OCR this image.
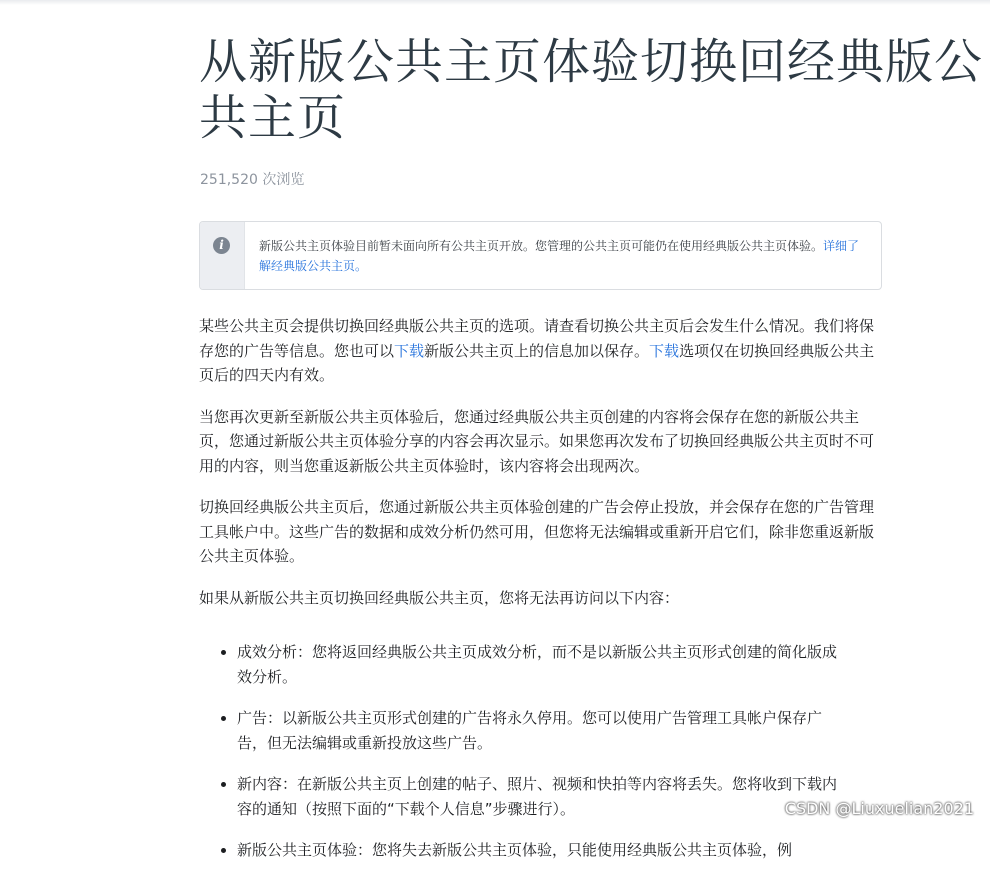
从新版公共主页体验切换回经典版公共主页
251,520 次浏览
i	新版公共主页体验目前暂未面向所有公共主页开放。您管理的公共主页可能仍在使用经典版公共主页体验。详细了解经典版公共主页。

某些公共主页会提供切换回经典版公共主页的选项。请查看切换公共主页后会发生什么情况。我们将保存您的广告等信息。您也可以下载新版公共主页上的信息加以保存。下载选项仅在切换回经典版公共主页后的四天内有效。

当您再次更新至新版公共主页体验后，您通过经典版公共主页创建的内容将会保存在您的新版公共主页，您通过新版公共主页体验分享的内容会再次显示。如果您再次发布了切换回经典版公共主页时不可用的内容，则当您重返新版公共主页体验时，该内容将会出现两次。

切换回经典版公共主页后，您通过新版公共主页体验创建的广告会停止投放，并会保存在您的广告管理工具帐户中。这些广告的数据和成效分析仍然可用，但您将无法编辑或重新开启它们，除非您重返新版公共主页体验。

如果从新版公共主页切换回经典版公共主页，您将无法再访问以下内容：

成效分析：您将返回经典版公共主页成效分析，而不是以新版公共主页形式创建的简化版成效分析。
广告：以新版公共主页形式创建的广告将永久停用。您可以使用广告管理工具帐户保存广告，但无法编辑或重新投放这些广告。
新内容：在新版公共主页上创建的帖子、照片、视频和快拍等内容将丢失。您将收到下载内容的通知（按照下面的“下载个人信息”步骤进行）。
新版公共主页体验：您将失去新版公共主页体验，只能使用经典版公共主页体验，例
CSDN @Liuxuelian2021
